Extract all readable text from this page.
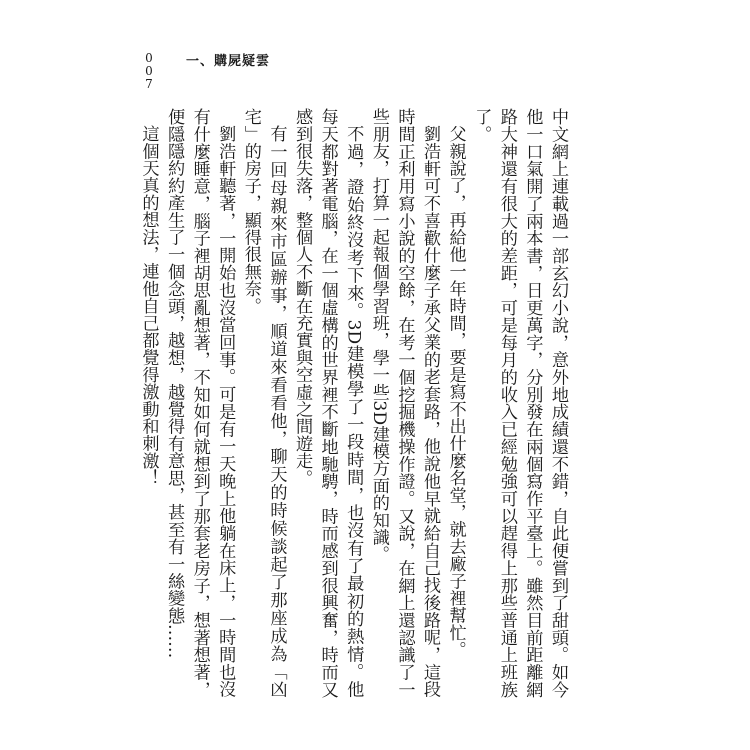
0
0
7
一、購屍疑雲

中文網上連載過一部玄幻小說，意外地成績還不錯，自此便嘗到了甜頭。如今他一口氣開了兩本書，日更萬字，分別發在兩個寫作平臺上。雖然目前距離網路大神還有很大的差距，可是每月的收入已經勉強可以趕得上那些普通上班族了。

父親說了，再給他一年時間，要是寫不出什麼名堂，就去廠子裡幫忙。

劉浩軒可不喜歡什麼子承父業的老套路，他說他早就給自己找後路呢，這段時間正利用寫小說的空餘，在考一個挖掘機操作證。又說，在網上還認識了一些朋友，打算一起報個學習班，學一些3D建模方面的知識。

不過，證始終沒考下來。3D建模學了一段時間，也沒有了最初的熱情。他每天都對著電腦，在一個虛構的世界裡不斷地馳騁，時而感到很興奮，時而又感到很失落，整個人不斷在充實與空虛之間遊走。

有一回母親來市區辦事，順道來看看他，聊天的時候談起了那座成為「凶宅」的房子，顯得很無奈。

劉浩軒聽著，一開始也沒當回事。可是有一天晚上他躺在床上，一時間也沒有什麼睡意，腦子裡胡思亂想著，不知如何就想到了那套老房子，想著想著，便隱隱約約產生了一個念頭，越想，越覺得有意思，甚至有一絲變態……

這個天真的想法，連他自己都覺得激動和刺激！
